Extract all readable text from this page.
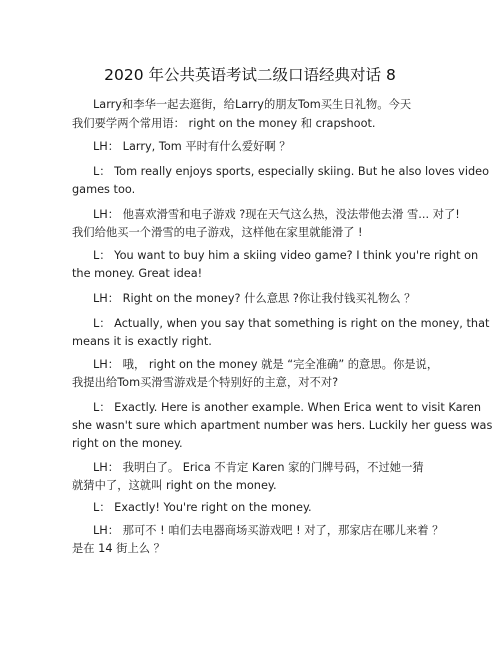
2020 年公共英语考试二级口语经典对话 8
Larry和李华一起去逛街，给Larry的朋友Tom买生日礼物。今天
我们要学两个常用语： right on the money 和 crapshoot.
LH： Larry, Tom 平时有什么爱好啊 ？
L： Tom really enjoys sports, especially skiing. But he also loves video
games too.
LH： 他喜欢滑雪和电子游戏 ?现在天气这么热，没法带他去滑 雪... 对了!
我们给他买一个滑雪的电子游戏，这样他在家里就能滑了 !
L： You want to buy him a skiing video game? I think you're right on
the money. Great idea!
LH： Right on the money? 什么意思 ?你让我付钱买礼物么 ？
L： Actually, when you say that something is right on the money, that
means it is exactly right.
LH： 哦， right on the money 就是 “完全准确” 的意思。你是说，
我提出给Tom买滑雪游戏是个特别好的主意，对不对?
L： Exactly. Here is another example. When Erica went to visit Karen
she wasn't sure which apartment number was hers. Luckily her guess was
right on the money.
LH： 我明白了。 Erica 不肯定 Karen 家的门牌号码，不过她一猜
就猜中了，这就叫 right on the money.
L： Exactly! You're right on the money.
LH： 那可不 ! 咱们去电器商场买游戏吧 ! 对了，那家店在哪儿来着 ？
是在 14 街上么 ？
